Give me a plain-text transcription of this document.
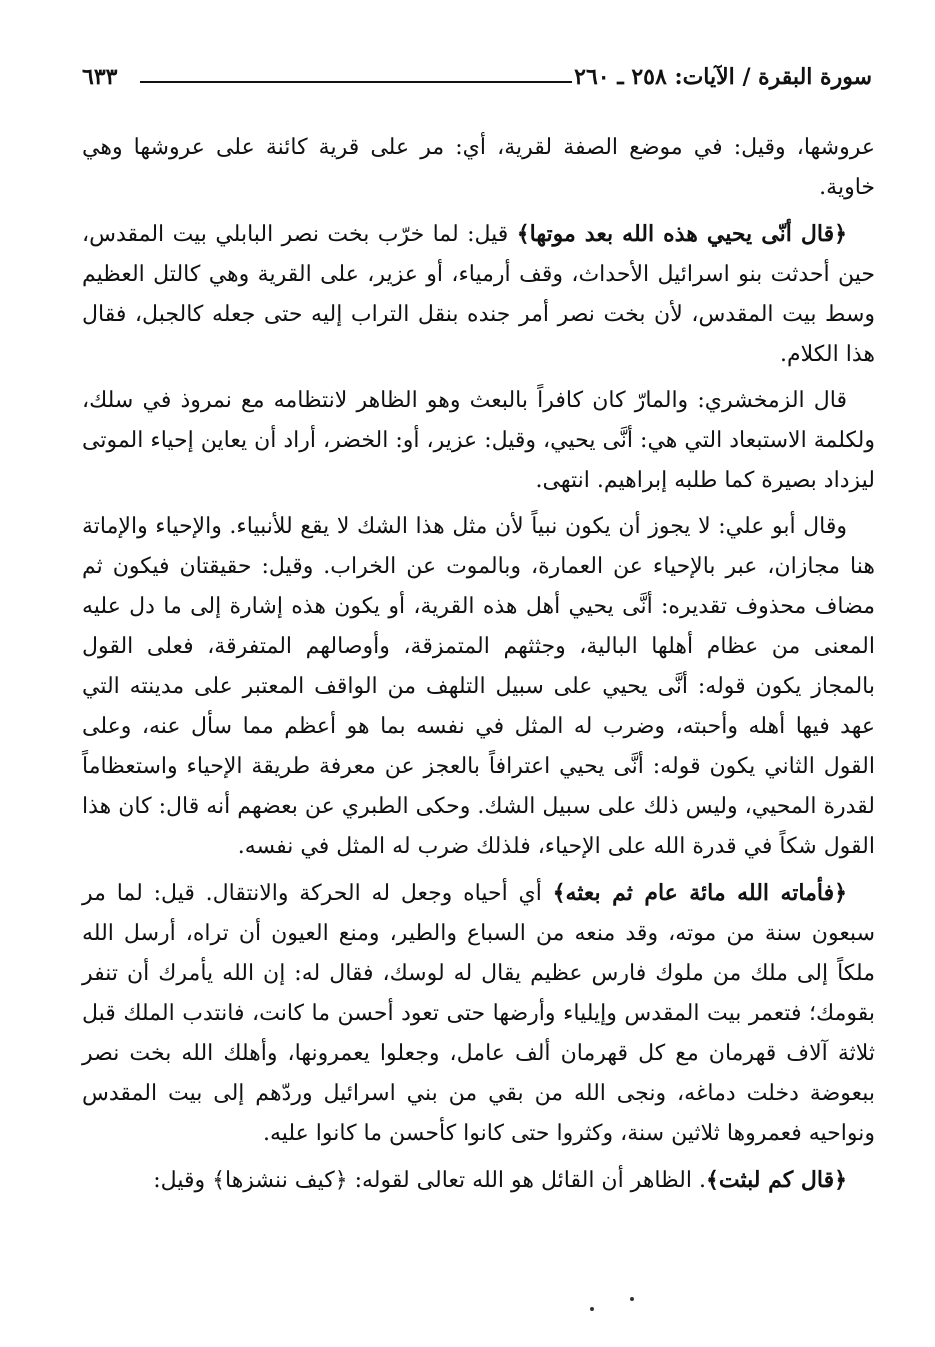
سورة البقرة / الآيات: ٢٥٨ ـ ٢٦٠
٦٣٣

عروشها، وقيل: في موضع الصفة لقرية، أي: مر على قرية كائنة على عروشها وهي خاوية.

﴿قال أنّى يحيي هذه الله بعد موتها﴾ قيل: لما خرّب بخت نصر البابلي بيت المقدس، حين أحدثت بنو اسرائيل الأحداث، وقف أرمياء، أو عزير، على القرية وهي كالتل العظيم وسط بيت المقدس، لأن بخت نصر أمر جنده بنقل التراب إليه حتى جعله كالجبل، فقال هذا الكلام.

قال الزمخشري: والمارّ كان كافراً بالبعث وهو الظاهر لانتظامه مع نمروذ في سلك، ولكلمة الاستبعاد التي هي: أنَّى يحيي، وقيل: عزير، أو: الخضر، أراد أن يعاين إحياء الموتى ليزداد بصيرة كما طلبه إبراهيم. انتهى.

وقال أبو علي: لا يجوز أن يكون نبياً لأن مثل هذا الشك لا يقع للأنبياء. والإحياء والإماتة هنا مجازان، عبر بالإحياء عن العمارة، وبالموت عن الخراب. وقيل: حقيقتان فيكون ثم مضاف محذوف تقديره: أنَّى يحيي أهل هذه القرية، أو يكون هذه إشارة إلى ما دل عليه المعنى من عظام أهلها البالية، وجثثهم المتمزقة، وأوصالهم المتفرقة، فعلى القول بالمجاز يكون قوله: أنَّى يحيي على سبيل التلهف من الواقف المعتبر على مدينته التي عهد فيها أهله وأحبته، وضرب له المثل في نفسه بما هو أعظم مما سأل عنه، وعلى القول الثاني يكون قوله: أنَّى يحيي اعترافاً بالعجز عن معرفة طريقة الإحياء واستعظاماً لقدرة المحيي، وليس ذلك على سبيل الشك. وحكى الطبري عن بعضهم أنه قال: كان هذا القول شكاً في قدرة الله على الإحياء، فلذلك ضرب له المثل في نفسه.

﴿فأماته الله مائة عام ثم بعثه﴾ أي أحياه وجعل له الحركة والانتقال. قيل: لما مر سبعون سنة من موته، وقد منعه من السباع والطير، ومنع العيون أن تراه، أرسل الله ملكاً إلى ملك من ملوك فارس عظيم يقال له لوسك، فقال له: إن الله يأمرك أن تنفر بقومك؛ فتعمر بيت المقدس وإيلياء وأرضها حتى تعود أحسن ما كانت، فانتدب الملك قبل ثلاثة آلاف قهرمان مع كل قهرمان ألف عامل، وجعلوا يعمرونها، وأهلك الله بخت نصر ببعوضة دخلت دماغه، ونجى الله من بقي من بني اسرائيل وردّهم إلى بيت المقدس ونواحيه فعمروها ثلاثين سنة، وكثروا حتى كانوا كأحسن ما كانوا عليه.

﴿قال كم لبثت﴾. الظاهر أن القائل هو الله تعالى لقوله: ﴿كيف ننشزها﴾ وقيل:
